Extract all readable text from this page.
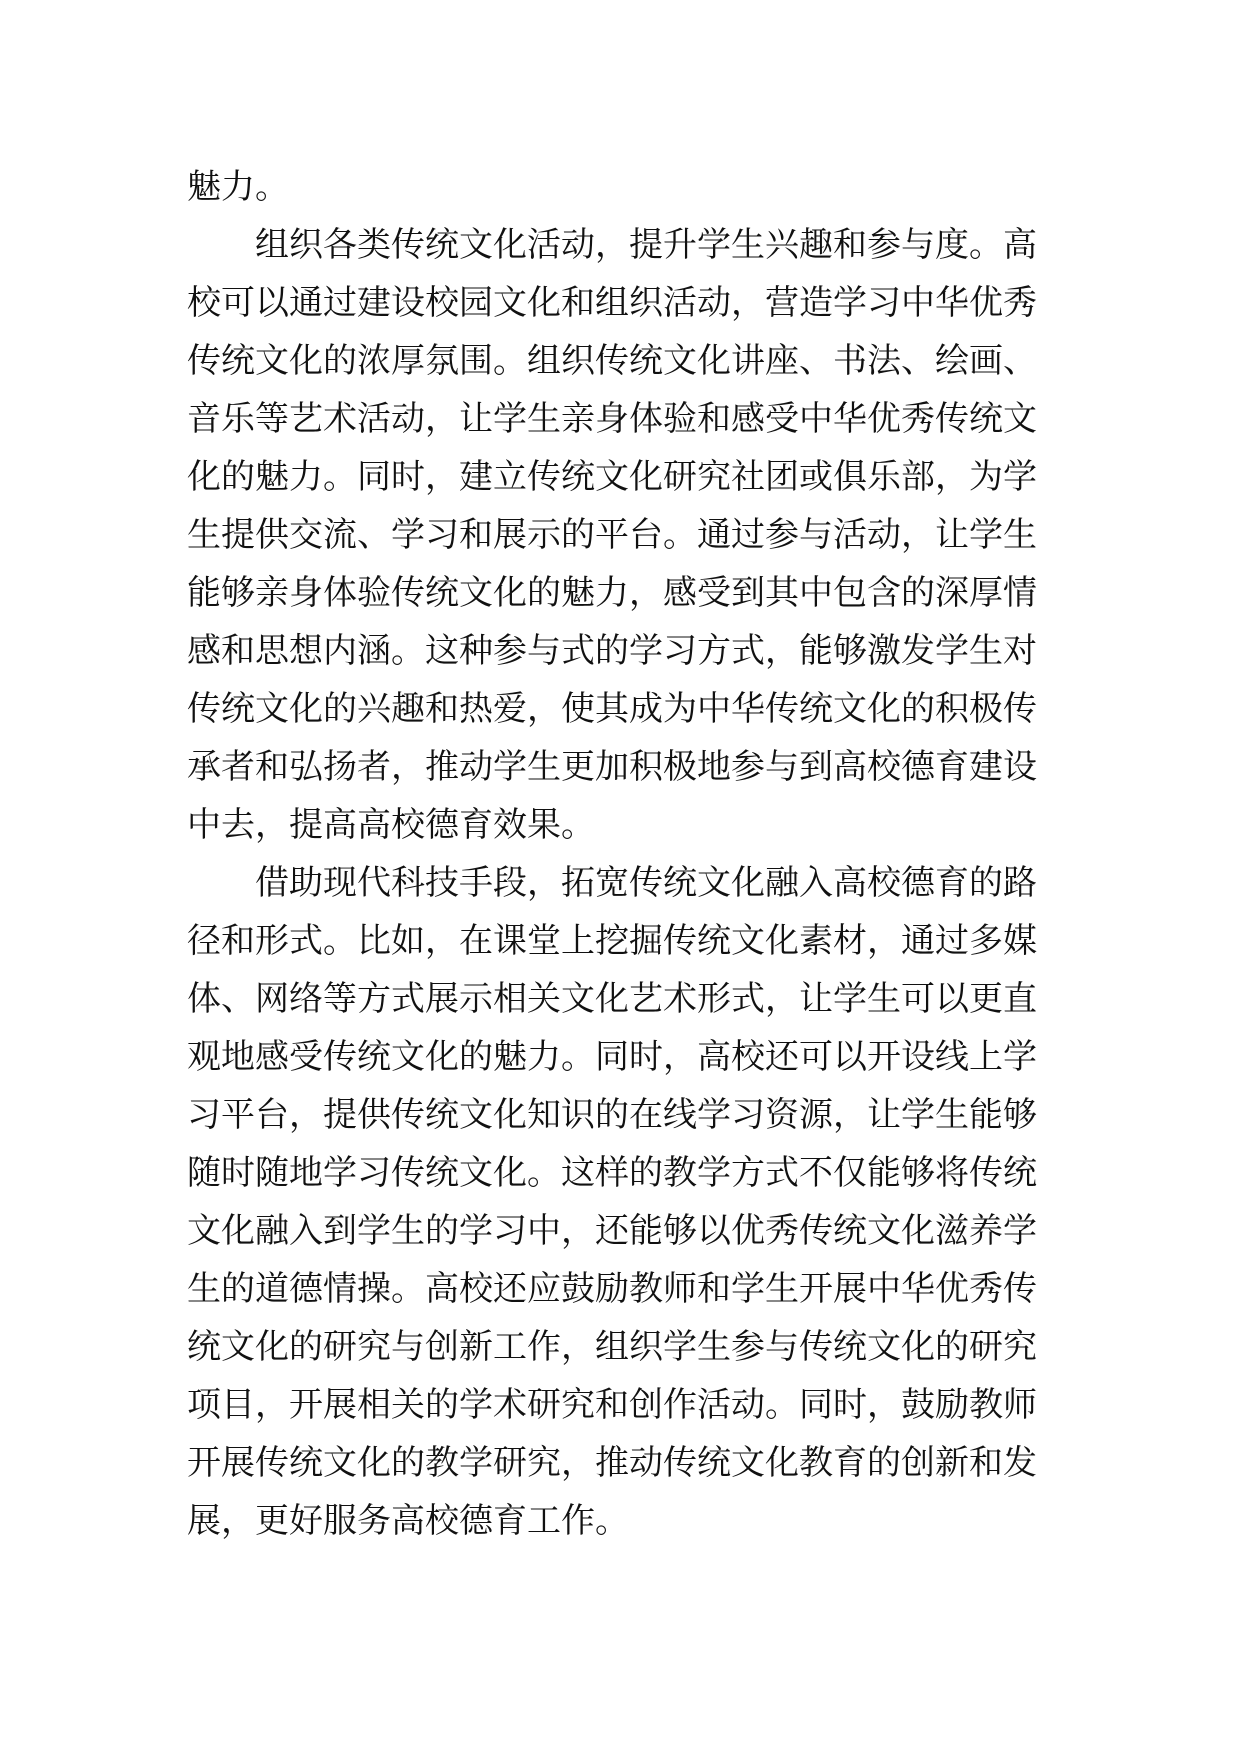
魅力。
组织各类传统文化活动，提升学生兴趣和参与度。高
校可以通过建设校园文化和组织活动，营造学习中华优秀
传统文化的浓厚氛围。组织传统文化讲座、书法、绘画、
音乐等艺术活动，让学生亲身体验和感受中华优秀传统文
化的魅力。同时，建立传统文化研究社团或俱乐部，为学
生提供交流、学习和展示的平台。通过参与活动，让学生
能够亲身体验传统文化的魅力，感受到其中包含的深厚情
感和思想内涵。这种参与式的学习方式，能够激发学生对
传统文化的兴趣和热爱，使其成为中华传统文化的积极传
承者和弘扬者，推动学生更加积极地参与到高校德育建设
中去，提高高校德育效果。
借助现代科技手段，拓宽传统文化融入高校德育的路
径和形式。比如，在课堂上挖掘传统文化素材，通过多媒
体、网络等方式展示相关文化艺术形式，让学生可以更直
观地感受传统文化的魅力。同时，高校还可以开设线上学
习平台，提供传统文化知识的在线学习资源，让学生能够
随时随地学习传统文化。这样的教学方式不仅能够将传统
文化融入到学生的学习中，还能够以优秀传统文化滋养学
生的道德情操。高校还应鼓励教师和学生开展中华优秀传
统文化的研究与创新工作，组织学生参与传统文化的研究
项目，开展相关的学术研究和创作活动。同时，鼓励教师
开展传统文化的教学研究，推动传统文化教育的创新和发
展，更好服务高校德育工作。
